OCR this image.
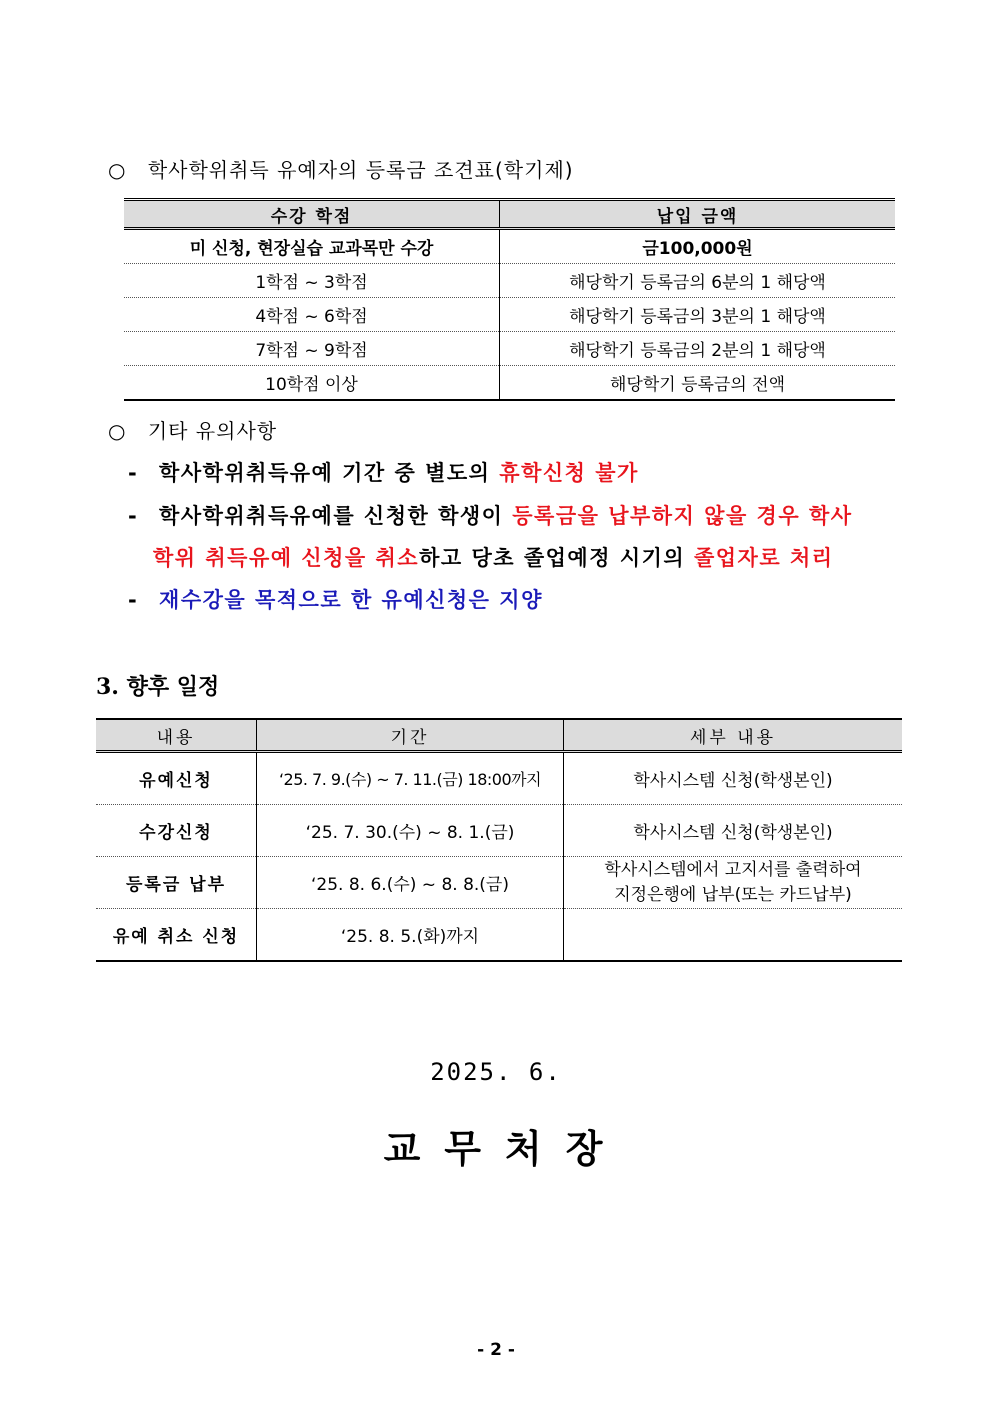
○ 학사학위취득 유예자의 등록금 조견표(학기제)
수강 학점	납입 금액
미 신청, 현장실습 교과목만 수강	금100,000원
1학점 ~ 3학점	해당학기 등록금의 6분의 1 해당액
4학점 ~ 6학점	해당학기 등록금의 3분의 1 해당액
7학점 ~ 9학점	해당학기 등록금의 2분의 1 해당액
10학점 이상	해당학기 등록금의 전액
○ 기타 유의사항
- 학사학위취득유예 기간 중 별도의 휴학신청 불가
- 학사학위취득유예를 신청한 학생이 등록금을 납부하지 않을 경우 학사
학위 취득유예 신청을 취소하고 당초 졸업예정 시기의 졸업자로 처리
- 재수강을 목적으로 한 유예신청은 지양
3. 향후 일정
내용	기간	세부 내용
유예신청	‘25. 7. 9.(수) ~ 7. 11.(금) 18:00까지	학사시스템 신청(학생본인)
수강신청	‘25. 7. 30.(수) ~ 8. 1.(금)	학사시스템 신청(학생본인)
등록금 납부	‘25. 8. 6.(수) ~ 8. 8.(금)	학사시스템에서 고지서를 출력하여
지정은행에 납부(또는 카드납부)

유예 취소 신청	‘25. 8. 5.(화)까지	
2025. 6.
교무처장
- 2 -
